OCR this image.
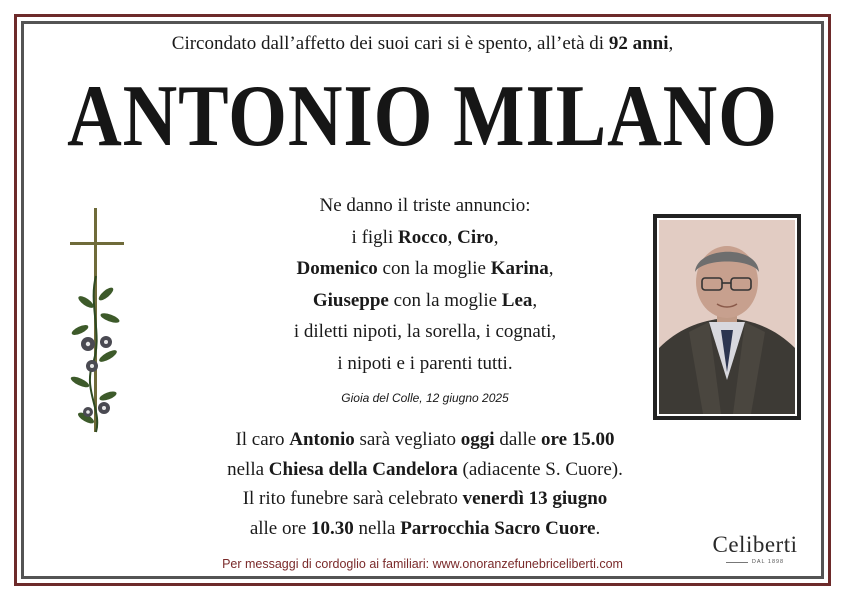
Circondato dall’affetto dei suoi cari si è spento, all’età di 92 anni,
ANTONIO MILANO
Ne danno il triste annuncio:
i figli Rocco, Ciro,
Domenico con la moglie Karina,
Giuseppe con la moglie Lea,
i diletti nipoti, la sorella, i cognati,
i nipoti e i parenti tutti.
Gioia del Colle, 12 giugno 2025
Il caro Antonio sarà vegliato oggi dalle ore 15.00
nella Chiesa della Candelora (adiacente S. Cuore).
Il rito funebre sarà celebrato venerdì 13 giugno
alle ore 10.30 nella Parrocchia Sacro Cuore.
Per messaggi di cordoglio ai familiari: www.onoranzefunebriceliberti.com
Celiberti
DAL 1898
